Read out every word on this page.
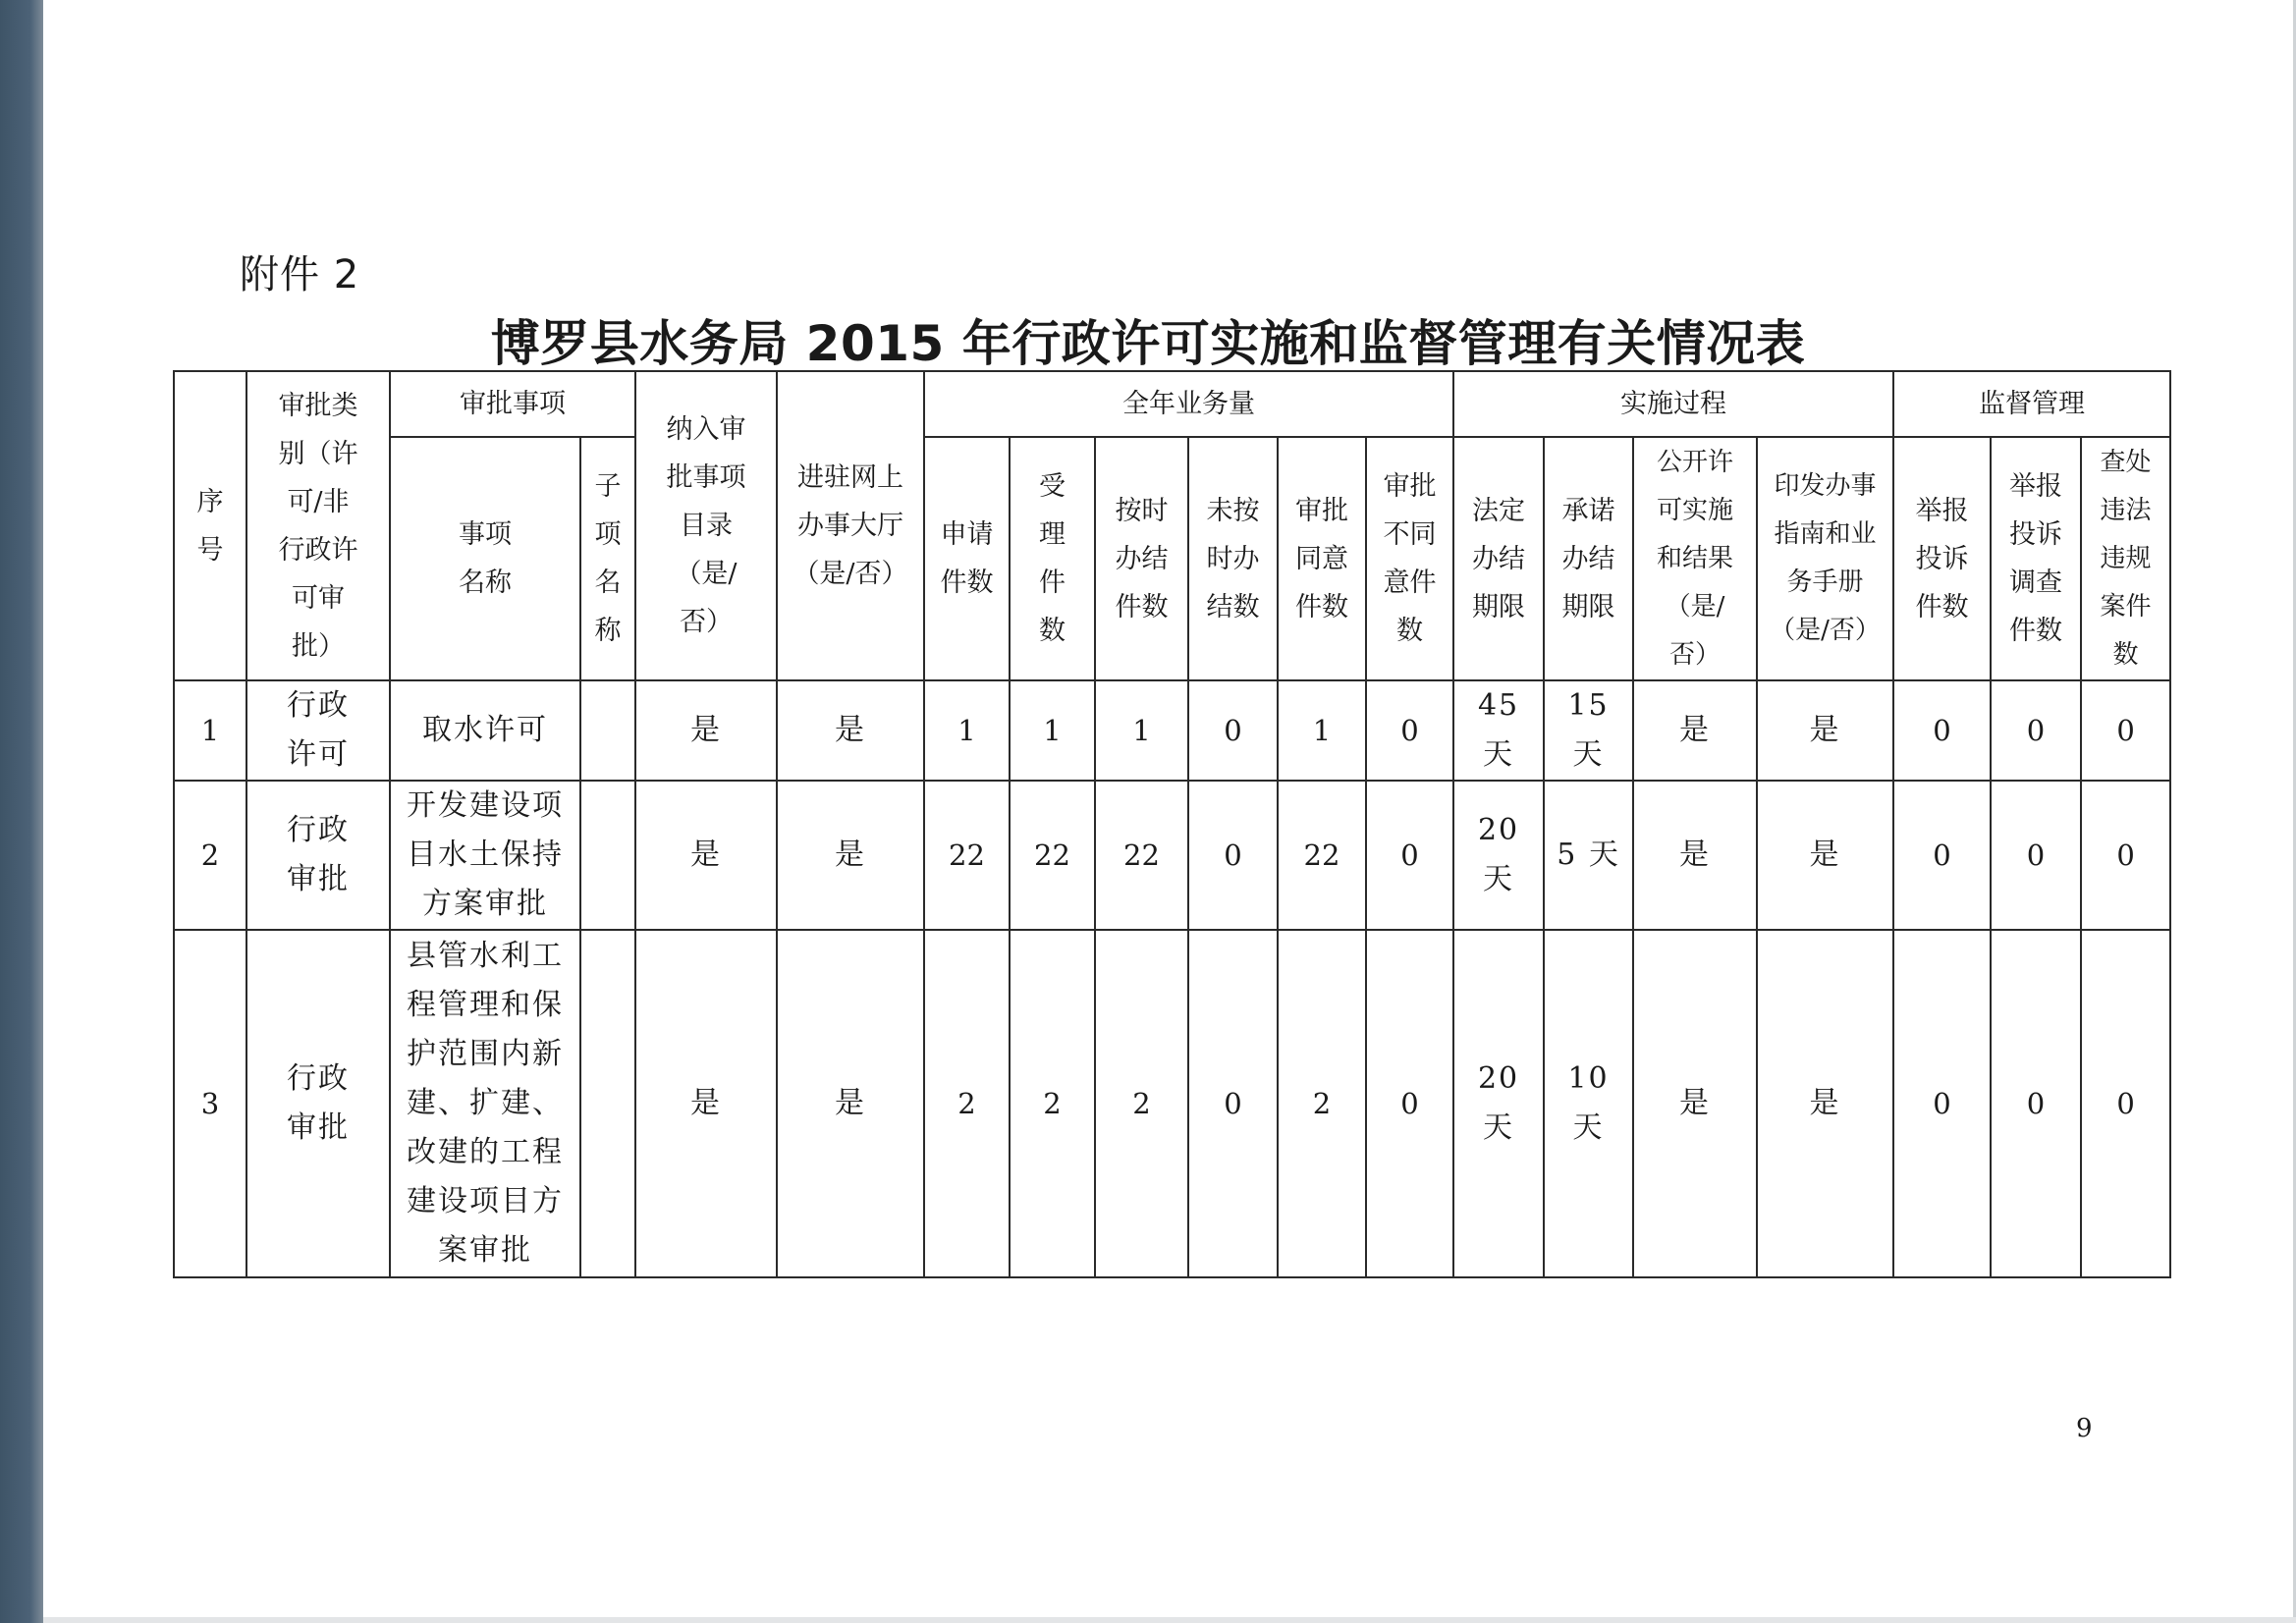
附件 2
博罗县水务局 2015 年行政许可实施和监督管理有关情况表
序号	审批类别（许可/非行政许可审批）	审批事项		纳入审批事项目录（是/否）	进驻网上办事大厅（是/否）	全年业务量						实施过程				监督管理		
		事项名称	子项名称			申请件数	受理件数	按时办结件数	未按时办结数	审批同意件数	审批不同意件数	法定办结期限	承诺办结期限	公开许可实施和结果（是/否）	印发办事指南和业务手册（是/否）	举报投诉件数	举报投诉调查件数	查处违法违规案件数
1	行政许可	取水许可		是	是	1	1	1	0	1	0	45天	15天	是	是	0	0	0
2	行政审批	开发建设项目水土保持方案审批		是	是	22	22	22	0	22	0	20天	5 天	是	是	0	0	0
3	行政审批	县管水利工程管理和保护范围内新建、扩建、改建的工程建设项目方案审批		是	是	2	2	2	0	2	0	20天	10天	是	是	0	0	0
9
